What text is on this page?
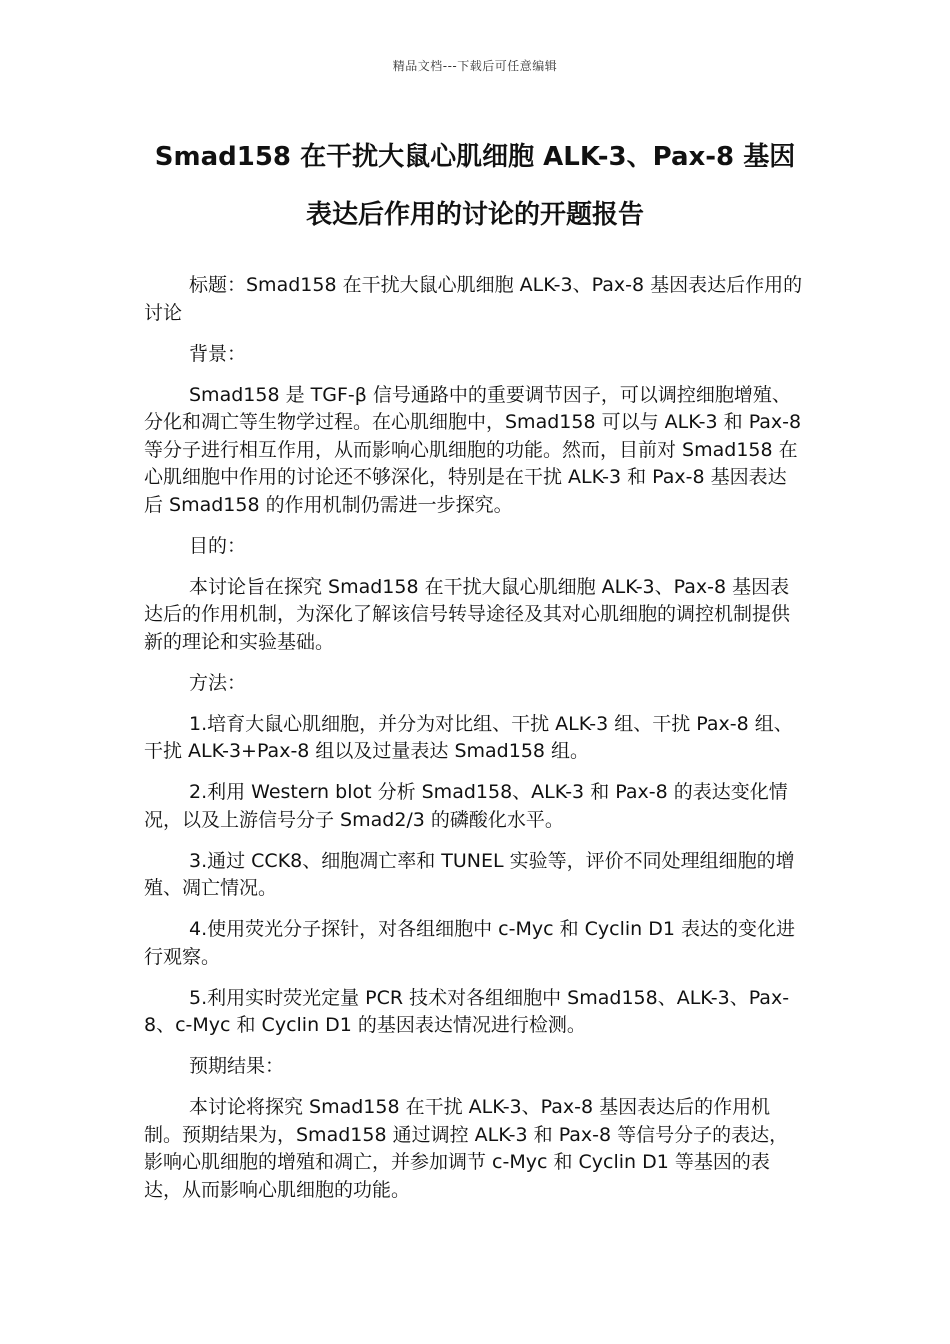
精品文档---下载后可任意编辑
Smad158 在干扰大鼠心肌细胞 ALK-3、Pax-8 基因
表达后作用的讨论的开题报告

标题：Smad158 在干扰大鼠心肌细胞 ALK-3、Pax-8 基因表达后作用的讨论

背景：

Smad158 是 TGF-β 信号通路中的重要调节因子，可以调控细胞增殖、分化和凋亡等生物学过程。在心肌细胞中，Smad158 可以与 ALK-3 和 Pax-8 等分子进行相互作用，从而影响心肌细胞的功能。然而，目前对 Smad158 在心肌细胞中作用的讨论还不够深化，特别是在干扰 ALK-3 和 Pax-8 基因表达后 Smad158 的作用机制仍需进一步探究。

目的：

本讨论旨在探究 Smad158 在干扰大鼠心肌细胞 ALK-3、Pax-8 基因表达后的作用机制，为深化了解该信号转导途径及其对心肌细胞的调控机制提供新的理论和实验基础。

方法：

1.培育大鼠心肌细胞，并分为对比组、干扰 ALK-3 组、干扰 Pax-8 组、干扰 ALK-3+Pax-8 组以及过量表达 Smad158 组。

2.利用 Western blot 分析 Smad158、ALK-3 和 Pax-8 的表达变化情况，以及上游信号分子 Smad2/3 的磷酸化水平。

3.通过 CCK8、细胞凋亡率和 TUNEL 实验等，评价不同处理组细胞的增殖、凋亡情况。

4.使用荧光分子探针，对各组细胞中 c-Myc 和 Cyclin D1 表达的变化进行观察。

5.利用实时荧光定量 PCR 技术对各组细胞中 Smad158、ALK-3、Pax-8、c-Myc 和 Cyclin D1 的基因表达情况进行检测。

预期结果：

本讨论将探究 Smad158 在干扰 ALK-3、Pax-8 基因表达后的作用机制。预期结果为，Smad158 通过调控 ALK-3 和 Pax-8 等信号分子的表达，影响心肌细胞的增殖和凋亡，并参加调节 c-Myc 和 Cyclin D1 等基因的表达，从而影响心肌细胞的功能。
